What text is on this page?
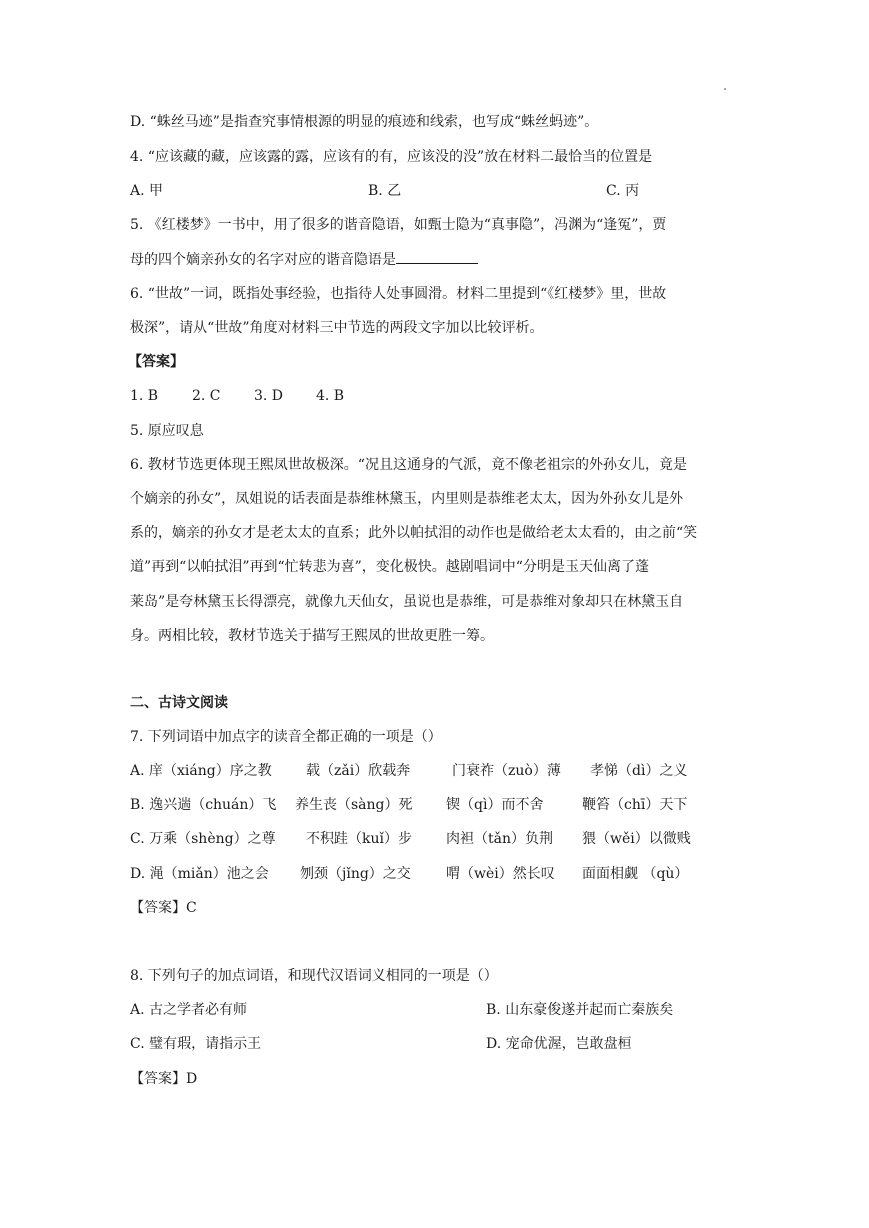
D. “蛛丝马迹”是指查究事情根源的明显的痕迹和线索，也写成“蛛丝蚂迹”。
4. “应该藏的藏，应该露的露，应该有的有，应该没的没”放在材料二最恰当的位置是
A. 甲	B. 乙	C. 丙
5. 《红楼梦》一书中，用了很多的谐音隐语，如甄士隐为“真事隐”，冯渊为“逢冤”，贾
母的四个嫡亲孙女的名字对应的谐音隐语是
6. “世故”一词，既指处事经验，也指待人处事圆滑。材料二里提到“《红楼梦》里，世故
极深”，请从“世故”角度对材料三中节选的两段文字加以比较评析。
【答案】
1. B 2. C 3. D 4. B
5. 原应叹息
6. 教材节选更体现王熙凤世故极深。“况且这通身的气派，竟不像老祖宗的外孙女儿，竟是
个嫡亲的孙女”，凤姐说的话表面是恭维林黛玉，内里则是恭维老太太，因为外孙女儿是外
系的，嫡亲的孙女才是老太太的直系；此外以帕拭泪的动作也是做给老太太看的，由之前“笑
道”再到“以帕拭泪”再到“忙转悲为喜”，变化极快。越剧唱词中“分明是玉天仙离了蓬
莱岛”是夸林黛玉长得漂亮，就像九天仙女，虽说也是恭维，可是恭维对象却只在林黛玉自
身。两相比较，教材节选关于描写王熙凤的世故更胜一筹。
二、古诗文阅读
7. 下列词语中加点字的读音全都正确的一项是（）
A. 庠（xiáng）序之教 载（zǎi）欣载奔	门衰祚（zuò）薄 孝悌（dì）之义
B. 逸兴遄（chuán）飞 养生丧（sàng）死 锲（qì）而不舍	鞭笞（chī）天下
C. 万乘（shèng）之尊 不积跬（kuǐ）步 肉袒（tǎn）负荆 猥（wěi）以微贱
D. 渑（miǎn）池之会 刎颈（jǐng）之交	喟（wèi）然长叹 面面相觑 （qù）
【答案】C
8. 下列句子的加点词语，和现代汉语词义相同的一项是（）
A. 古之学者必有师	B. 山东豪俊遂并起而亡秦族矣
C. 璧有瑕，请指示王	D. 宠命优渥，岂敢盘桓
【答案】D
